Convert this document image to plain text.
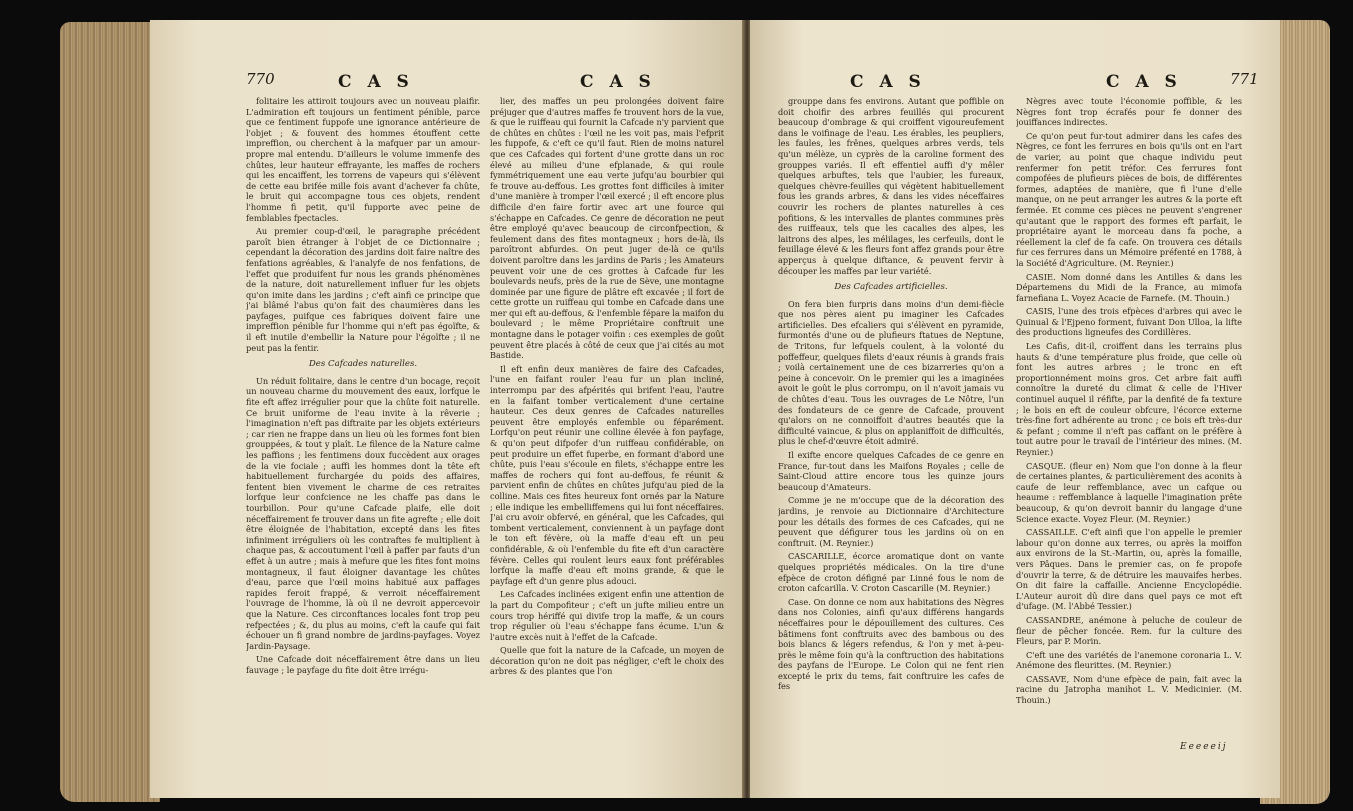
770	C A S	C A S

folitaire les attiroit toujours avec un nouveau plaifir. L'admiration eft toujours un fentiment pénible, parce que ce fentiment fuppofe une ignorance antérieure de l'objet ; & fouvent des hommes étouffent cette impreffion, ou cherchent à la mafquer par un amour-propre mal entendu. D'ailleurs le volume immenfe des chûtes, leur hauteur effrayante, les maffes de rochers qui les encaiffent, les torrens de vapeurs qui s'élèvent de cette eau brifée mille fois avant d'achever fa chûte, le bruit qui accompagne tous ces objets, rendent l'homme fi petit, qu'il fupporte avec peine de femblables fpectacles.

Au premier coup-d'œil, le paragraphe précédent paroît bien étranger à l'objet de ce Dictionnaire ; cependant la décoration des jardins doit faire naître des fenfations agréables, & l'analyfe de nos fenfations, de l'effet que produifent fur nous les grands phénomènes de la nature, doit naturellement influer fur les objets qu'on imite dans les jardins ; c'eft ainfi ce principe que j'ai blâmé l'abus qu'on fait des chaumières dans les payfages, puifque ces fabriques doivent faire une impreffion pénible fur l'homme qui n'eft pas égoïfte, & il eft inutile d'embellir la Nature pour l'égoïfte ; il ne peut pas la fentir.

Des Cafcades naturelles.

Un réduit folitaire, dans le centre d'un bocage, reçoit un nouveau charme du mouvement des eaux, lorfque le fite eft affez irrégulier pour que la chûte foit naturelle. Ce bruit uniforme de l'eau invite à la rêverie ; l'imagination n'eft pas diftraite par les objets extérieurs ; car rien ne frappe dans un lieu où les formes font bien grouppées, & tout y plaît. Le filence de la Nature calme les paffions ; les fentimens doux fuccèdent aux orages de la vie fociale ; auffi les hommes dont la tête eft habituellement furchargée du poids des affaires, fentent bien vivement le charme de ces retraites lorfque leur confcience ne les chaffe pas dans le tourbillon. Pour qu'une Cafcade plaife, elle doit néceffairement fe trouver dans un fite agrefte ; elle doit être éloignée de l'habitation, excepté dans les fites infiniment irréguliers où les contraftes fe multiplient à chaque pas, & accoutument l'œil à paffer par fauts d'un effet à un autre ; mais à mefure que les fites font moins montagneux, il faut éloigner davantage les chûtes d'eau, parce que l'œil moins habitué aux paffages rapides feroit frappé, & verroit néceffairement l'ouvrage de l'homme, là où il ne devroit appercevoir que la Nature. Ces circonftances locales font trop peu refpectées ; &, du plus au moins, c'eft la caufe qui fait échouer un fi grand nombre de jardins-payfages. Voyez Jardin-Paysage.

Une Cafcade doit néceffairement être dans un lieu fauvage ; le payfage du fite doit être irrégu-

lier, des maffes un peu prolongées doivent faire préjuger que d'autres maffes fe trouvent hors de la vue, & que le ruiffeau qui fournit la Cafcade n'y parvient que de chûtes en chûtes : l'œil ne les voit pas, mais l'efprit les fuppofe, & c'eft ce qu'il faut. Rien de moins naturel que ces Cafcades qui fortent d'une grotte dans un roc élevé au milieu d'une efplanade, & qui roule fymmétriquement une eau verte jufqu'au bourbier qui fe trouve au-deffous. Les grottes font difficiles à imiter d'une manière à tromper l'œil exercé ; il eft encore plus difficile d'en faire fortir avec art une fource qui s'échappe en Cafcades. Ce genre de décoration ne peut être employé qu'avec beaucoup de circonfpection, & feulement dans des fites montagneux ; hors de-là, ils paroîtront abfurdes. On peut juger de-là ce qu'ils doivent paroître dans les jardins de Paris ; les Amateurs peuvent voir une de ces grottes à Cafcade fur les boulevards neufs, près de la rue de Sève, une montagne dominée par une figure de plâtre eft excavée ; il fort de cette grotte un ruiffeau qui tombe en Cafcade dans une mer qui eft au-deffous, & l'enfemble fépare la maifon du boulevard ; le même Propriétaire conftruit une montagne dans le potager voifin : ces exemples de goût peuvent être placés à côté de ceux que j'ai cités au mot Bastide.

Il eft enfin deux manières de faire des Cafcades, l'une en faifant rouler l'eau fur un plan incliné, interrompu par des afpérités qui brifent l'eau, l'autre en la faifant tomber verticalement d'une certaine hauteur. Ces deux genres de Cafcades naturelles peuvent être employés enfemble ou féparément. Lorfqu'on peut réunir une colline élevée à fon payfage, & qu'on peut difpofer d'un ruiffeau confidérable, on peut produire un effet fuperbe, en formant d'abord une chûte, puis l'eau s'écoule en filets, s'échappe entre les maffes de rochers qui font au-deffous, fe réunit & parvient enfin de chûtes en chûtes jufqu'au pied de la colline. Mais ces fites heureux font ornés par la Nature ; elle indique les embelliffemens qui lui font néceffaires. J'ai cru avoir obfervé, en général, que les Cafcades, qui tombent verticalement, conviennent à un payfage dont le ton eft févère, où la maffe d'eau eft un peu confidérable, & où l'enfemble du fite eft d'un caractère févère. Celles qui roulent leurs eaux font préférables lorfque la maffe d'eau eft moins grande, & que le payfage eft d'un genre plus adouci.

Les Cafcades inclinées exigent enfin une attention de la part du Compofiteur ; c'eft un jufte milieu entre un cours trop hériffé qui divife trop la maffe, & un cours trop régulier où l'eau s'échappe fans écume. L'un & l'autre excès nuit à l'effet de la Cafcade.

Quelle que foit la nature de la Cafcade, un moyen de décoration qu'on ne doit pas négliger, c'eft le choix des arbres & des plantes que l'on

C A S	C A S	771

grouppe dans fes environs. Autant que poffible on doit choifir des arbres feuillés qui procurent beaucoup d'ombrage & qui croiffent vigoureufement dans le voifinage de l'eau. Les érables, les peupliers, les faules, les frênes, quelques arbres verds, tels qu'un mélèze, un cyprès de la caroline forment des grouppes variés. Il eft effentiel auffi d'y mêler quelques arbuftes, tels que l'aubier, les fureaux, quelques chèvre-feuilles qui végètent habituellement fous les grands arbres, & dans les vides néceffaires couvrir les rochers de plantes naturelles à ces pofitions, & les intervalles de plantes communes près des ruiffeaux, tels que les cacalies des alpes, les laitrons des alpes, les mélilages, les cerfeuils, dont le feuillage élevé & les fleurs font affez grands pour être apperçus à quelque diftance, & peuvent fervir à découper les maffes par leur variété.

Des Cafcades artificielles.

On fera bien furpris dans moins d'un demi-fiècle que nos pères aient pu imaginer les Cafcades artificielles. Des efcaliers qui s'élèvent en pyramide, furmontés d'une ou de plufieurs ftatues de Neptune, de Tritons, fur lefquels coulent, à la volonté du poffeffeur, quelques filets d'eaux réunis à grands frais ; voilà certainement une de ces bizarreries qu'on a peine à concevoir. On le premier qui les a imaginées avoit le goût le plus corrompu, on il n'avoit jamais vu de chûtes d'eau. Tous les ouvrages de Le Nôtre, l'un des fondateurs de ce genre de Cafcade, prouvent qu'alors on ne connoiffoit d'autres beautés que la difficulté vaincue, & plus on applaniffoit de difficultés, plus le chef-d'œuvre étoit admiré.

Il exifte encore quelques Cafcades de ce genre en France, fur-tout dans les Maifons Royales ; celle de Saint-Cloud attire encore tous les quinze jours beaucoup d'Amateurs.

Comme je ne m'occupe que de la décoration des jardins, je renvoie au Dictionnaire d'Architecture pour les détails des formes de ces Cafcades, qui ne peuvent que défigurer tous les jardins où on en conftruit. (M. Reynier.)

CASCARILLE, écorce aromatique dont on vante quelques propriétés médicales. On la tire d'une efpèce de croton défigné par Linné fous le nom de croton cafcarilla. V. Croton Cascarille (M. Reynier.)

Case. On donne ce nom aux habitations des Nègres dans nos Colonies, ainfi qu'aux différens hangards néceffaires pour le dépouillement des cultures. Ces bâtimens font conftruits avec des bambous ou des bois blancs & légers refendus, & l'on y met à-peu-près le même foin qu'à la conftruction des habitations des payfans de l'Europe. Le Colon qui ne fent rien excepté le prix du tems, fait conftruire les cafes de fes

Nègres avec toute l'économie poffible, & les Nègres font trop écrafés pour fe donner des jouiffances indirectes.

Ce qu'on peut fur-tout admirer dans les cafes des Nègres, ce font les ferrures en bois qu'ils ont en l'art de varier, au point que chaque individu peut renfermer fon petit tréfor. Ces ferrures font compofées de plufieurs pièces de bois, de différentes formes, adaptées de manière, que fi l'une d'elle manque, on ne peut arranger les autres & la porte eft fermée. Et comme ces pièces ne peuvent s'engrener qu'autant que le rapport des formes eft parfait, le propriétaire ayant le morceau dans fa poche, a réellement la clef de fa cafe. On trouvera ces détails fur ces ferrures dans un Mémoire préfenté en 1788, à la Société d'Agriculture. (M. Reynier.)

CASIE. Nom donné dans les Antilles & dans les Départemens du Midi de la France, au mimofa farnefiana L. Voyez Acacie de Farnefe. (M. Thouin.)

CASIS, l'une des trois efpèces d'arbres qui avec le Quinual & l'Ejpeno forment, fuivant Don Ulloa, la lifte des productions ligneufes des Cordillères.

Les Cafis, dit-il, croiffent dans les terrains plus hauts & d'une température plus froide, que celle où font les autres arbres ; le tronc en eft proportionnément moins gros. Cet arbre fait auffi connoître la dureté du climat & celle de l'Hiver continuel auquel il réfifte, par la denfité de fa texture ; le bois en eft de couleur obfcure, l'écorce externe très-fine fort adhérente au tronc ; ce bois eft très-dur & pefant ; comme il n'eft pas caffant on le préfère à tout autre pour le travail de l'intérieur des mines. (M. Reynier.)

CASQUE. (fleur en) Nom que l'on donne à la fleur de certaines plantes, & particulièrement des aconits à caufe de leur reffemblance, avec un cafque ou heaume : reffemblance à laquelle l'imagination prête beaucoup, & qu'on devroit bannir du langage d'une Science exacte. Voyez Fleur. (M. Reynier.)

CASSAILLE. C'eft ainfi que l'on appelle le premier labour qu'on donne aux terres, ou après la moiffon aux environs de la St.-Martin, ou, après la fomaille, vers Pâques. Dans le premier cas, on fe propofe d'ouvrir la terre, & de détruire les mauvaifes herbes. On dit faire la caffaille. Ancienne Encyclopédie. L'Auteur auroit dû dire dans quel pays ce mot eft d'ufage. (M. l'Abbé Tessier.)

CASSANDRE, anémone à peluche de couleur de fleur de pêcher foncée. Rem. fur la culture des Fleurs, par P. Morin.

C'eft une des variétés de l'anemone coronaria L. V. Anémone des fleurittes. (M. Reynier.)

CASSAVE, Nom d'une efpèce de pain, fait avec la racine du Jatropha manihot L. V. Medicinier. (M. Thouin.)

Eeeeeij
